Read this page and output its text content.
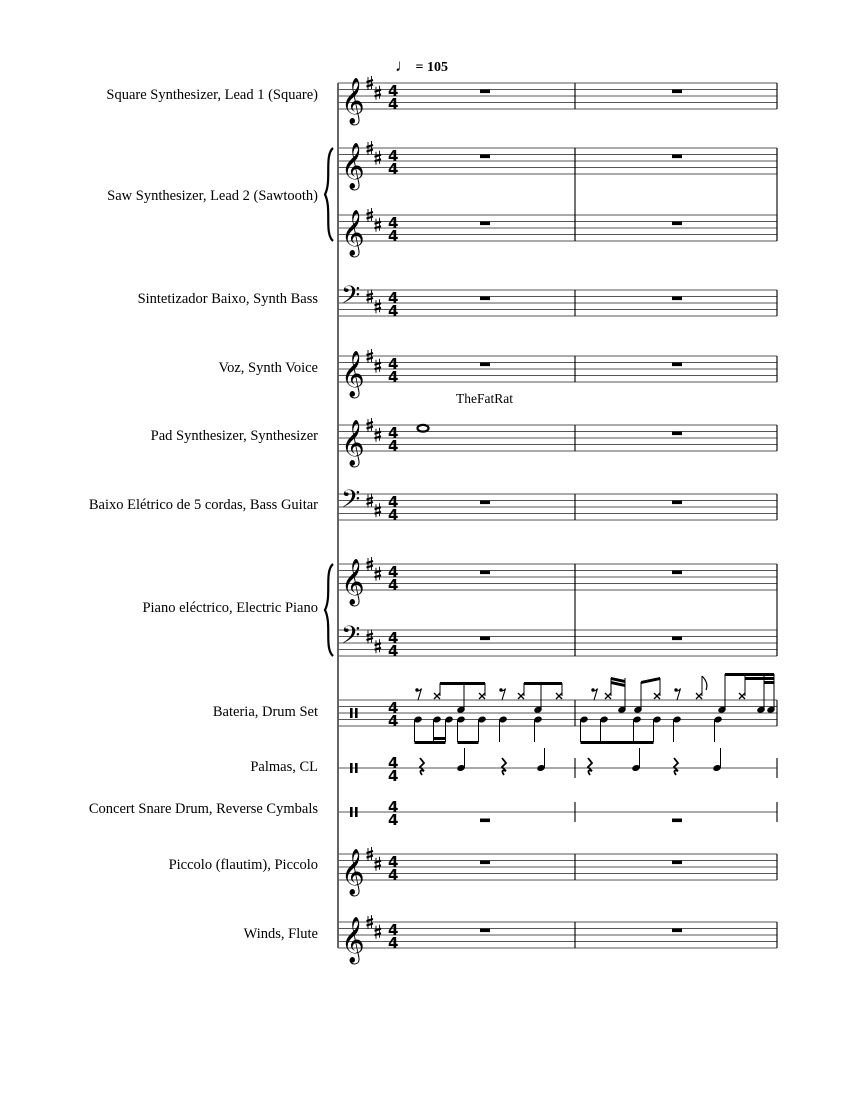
𝄞 4
4
𝄞 4
4
𝄞 4
4
𝄢 4
4
𝄞 4
4
𝄞 4
4
𝄢 4
4
𝄞 4
4
𝄢 4
4
4
4
4
4
4
4
𝄞 4
4
𝄞 4
4
♩ = 105
TheFatRat
Square Synthesizer, Lead 1 (Square)
Saw Synthesizer, Lead 2 (Sawtooth)
Sintetizador Baixo, Synth Bass
Voz, Synth Voice
Pad Synthesizer, Synthesizer
Baixo Elétrico de 5 cordas, Bass Guitar
Piano eléctrico, Electric Piano
Bateria, Drum Set
Palmas, CL
Concert Snare Drum, Reverse Cymbals
Piccolo (flautim), Piccolo
Winds, Flute
